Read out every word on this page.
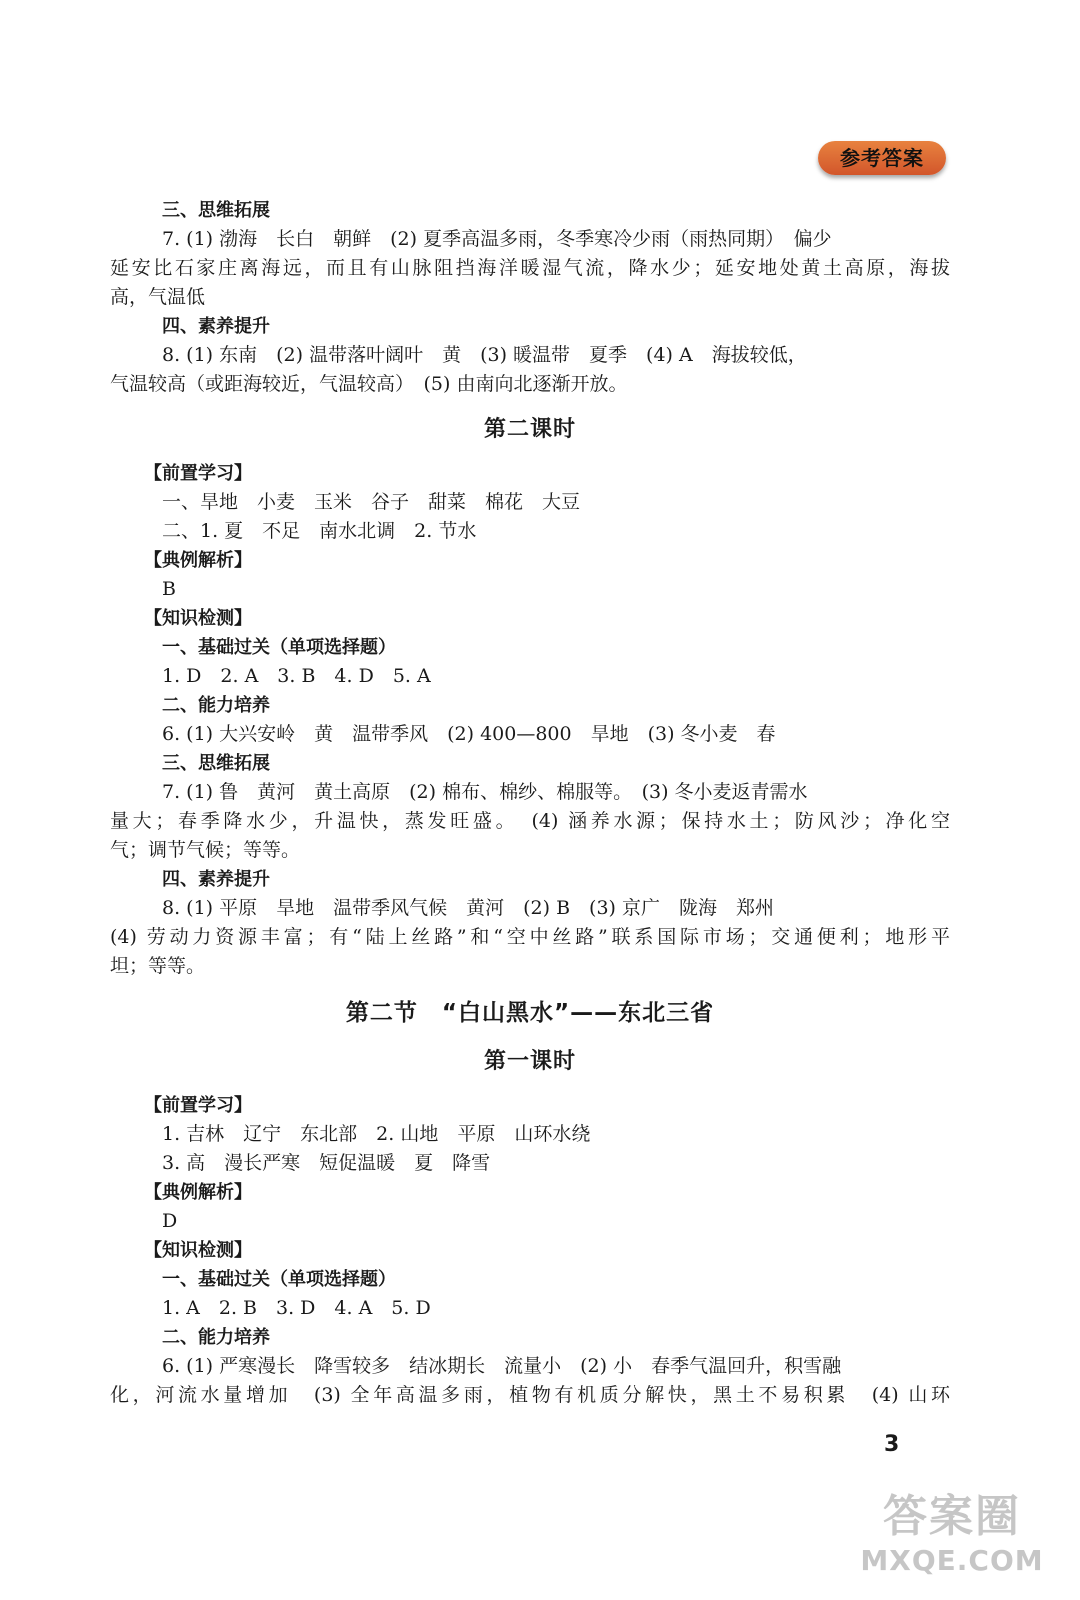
参考答案
三、思维拓展
7. (1) 渤海　长白　朝鲜　(2) 夏季高温多雨，冬季寒冷少雨（雨热同期）　偏少
延安比石家庄离海远，而且有山脉阻挡海洋暖湿气流，降水少；延安地处黄土高原，海拔
高，气温低
四、素养提升
8. (1) 东南　(2) 温带落叶阔叶　黄　(3) 暖温带　夏季　(4) A　海拔较低，
气温较高（或距海较近，气温较高）　(5) 由南向北逐渐开放。
第二课时
【 前置学习 】
一、旱地　小麦　玉米　谷子　甜菜　棉花　大豆
二、1. 夏　不足　南水北调　2. 节水
【 典例解析 】
B
【 知识检测 】
一、基础过关（单项选择题）
1. D　2. A　3. B　4. D　5. A
二、能力培养
6. (1) 大兴安岭　黄　温带季风　(2) 400—800　旱地　(3) 冬小麦　春
三、思维拓展
7. (1) 鲁　黄河　黄土高原　(2) 棉布、棉纱、棉服等。　(3) 冬小麦返青需水
量大；春季降水少，升温快，蒸发旺盛。　(4) 涵养水源；保持水土；防风沙；净化空
气；调节气候；等等。
四、素养提升
8. (1) 平原　旱地　温带季风气候　黄河　(2) B　(3) 京广　陇海　郑州
(4) 劳动力资源丰富；有“陆上丝路”和“空中丝路”联系国际市场；交通便利；地形平
坦；等等。
第二节　“白山黑水”——东北三省
第一课时
【 前置学习 】
1. 吉林　辽宁　东北部　2. 山地　平原　山环水绕
3. 高　漫长严寒　短促温暖　夏　降雪
【 典例解析 】
D
【 知识检测 】
一、基础过关（单项选择题）
1. A　2. B　3. D　4. A　5. D
二、能力培养
6. (1) 严寒漫长　降雪较多　结冰期长　流量小　(2) 小　春季气温回升，积雪融
化，河流水量增加　(3) 全年高温多雨，植物有机质分解快，黑土不易积累　(4) 山环
3
答案圈
MXQE.COM
